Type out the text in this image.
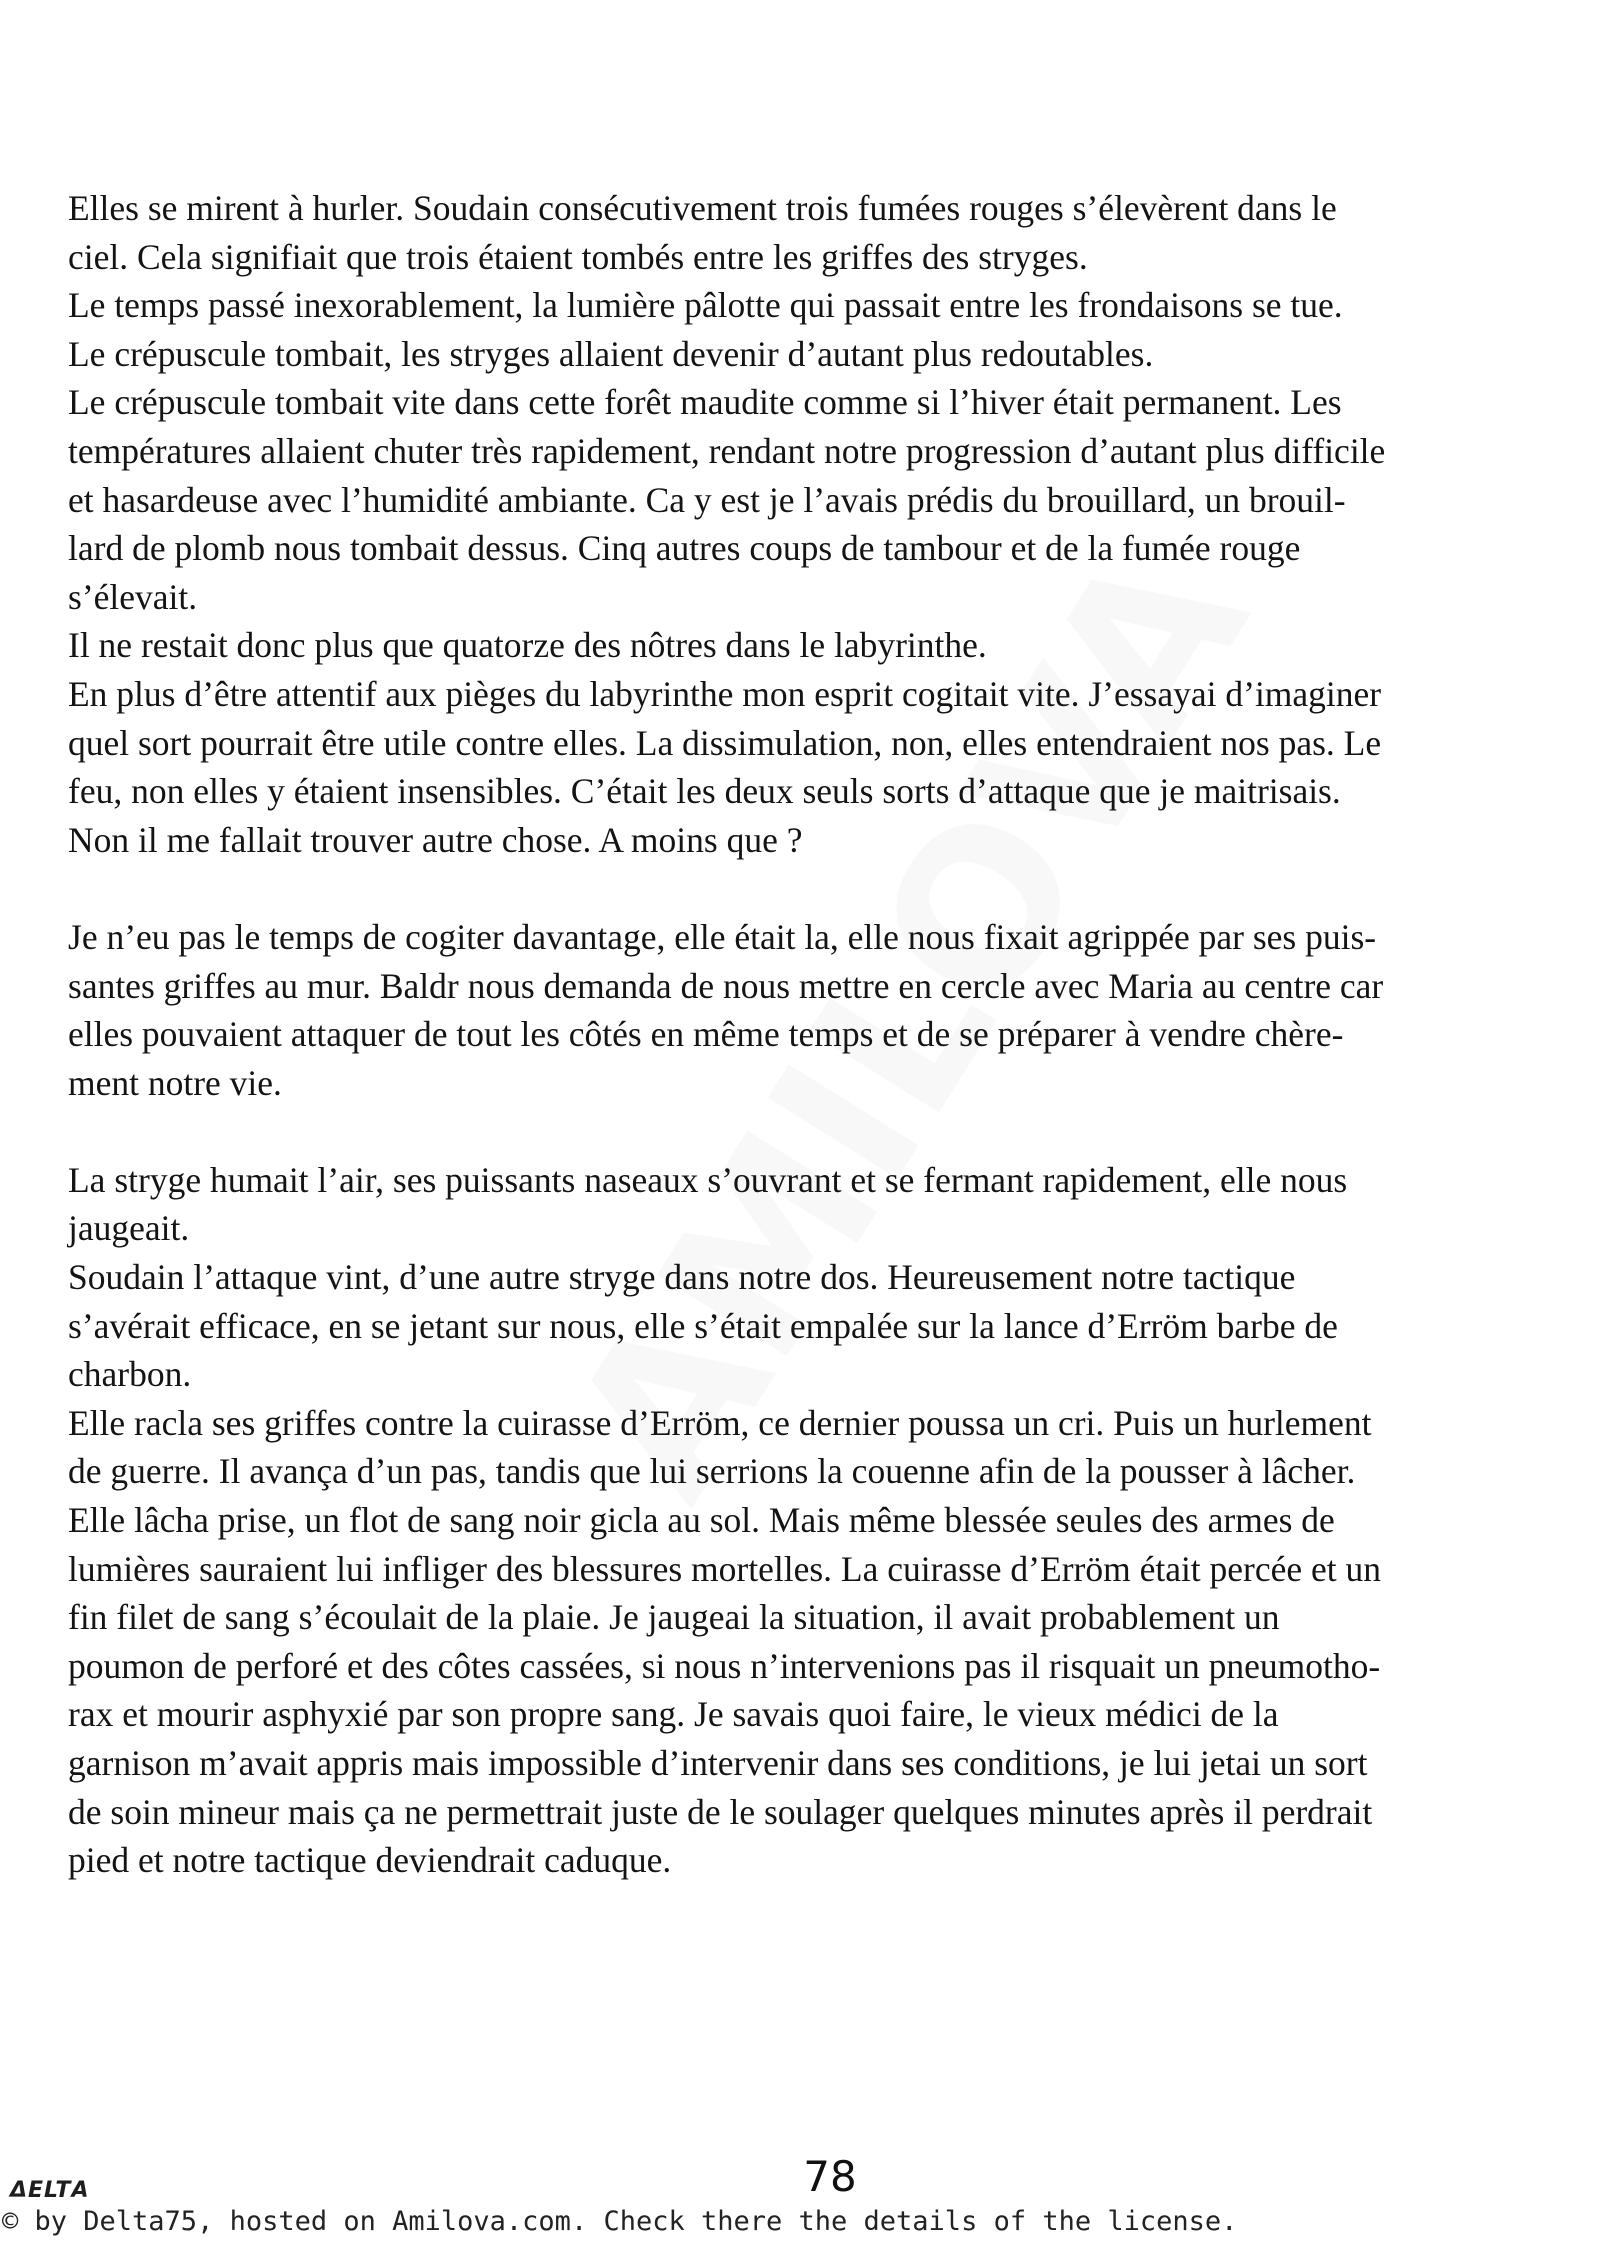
Elles se mirent à hurler. Soudain consécutivement trois fumées rouges s’élevèrent dans le
ciel. Cela signifiait que trois étaient tombés entre les griffes des stryges.
Le temps passé inexorablement, la lumière pâlotte qui passait entre les frondaisons se tue.
Le crépuscule tombait, les stryges allaient devenir d’autant plus redoutables.
Le crépuscule tombait vite dans cette forêt maudite comme si l’hiver était permanent. Les
températures allaient chuter très rapidement, rendant notre progression d’autant plus difficile
et hasardeuse avec l’humidité ambiante. Ca y est je l’avais prédis du brouillard, un brouil-
lard de plomb nous tombait dessus. Cinq autres coups de tambour et de la fumée rouge
s’élevait.
Il ne restait donc plus que quatorze des nôtres dans le labyrinthe.
En plus d’être attentif aux pièges du labyrinthe mon esprit cogitait vite. J’essayai d’imaginer
quel sort pourrait être utile contre elles. La dissimulation, non, elles entendraient nos pas. Le
feu, non elles y étaient insensibles. C’était les deux seuls sorts d’attaque que je maitrisais.
Non il me fallait trouver autre chose. A moins que ?

Je n’eu pas le temps de cogiter davantage, elle était la, elle nous fixait agrippée par ses puis-
santes griffes au mur. Baldr nous demanda de nous mettre en cercle avec Maria au centre car
elles pouvaient attaquer de tout les côtés en même temps et de se préparer à vendre chère-
ment notre vie.

La stryge humait l’air, ses puissants naseaux s’ouvrant et se fermant rapidement, elle nous
jaugeait.
Soudain l’attaque vint, d’une autre stryge dans notre dos. Heureusement notre tactique
s’avérait efficace, en se jetant sur nous, elle s’était empalée sur la lance d’Erröm barbe de
charbon.
Elle racla ses griffes contre la cuirasse d’Erröm, ce dernier poussa un cri. Puis un hurlement
de guerre. Il avança d’un pas, tandis que lui serrions la couenne afin de la pousser à lâcher.
Elle lâcha prise, un flot de sang noir gicla au sol. Mais même blessée seules des armes de
lumières sauraient lui infliger des blessures mortelles. La cuirasse d’Erröm était percée et un
fin filet de sang s’écoulait de la plaie. Je jaugeai la situation, il avait probablement un
poumon de perforé et des côtes cassées, si nous n’intervenions pas il risquait un pneumotho-
rax et mourir asphyxié par son propre sang. Je savais quoi faire, le vieux médici de la
garnison m’avait appris mais impossible d’intervenir dans ses conditions, je lui jetai un sort
de soin mineur mais ça ne permettrait juste de le soulager quelques minutes après il perdrait
pied et notre tactique deviendrait caduque.

ΔELTΑ	78
© by Delta75, hosted on Amilova.com. Check there the details of the license.
